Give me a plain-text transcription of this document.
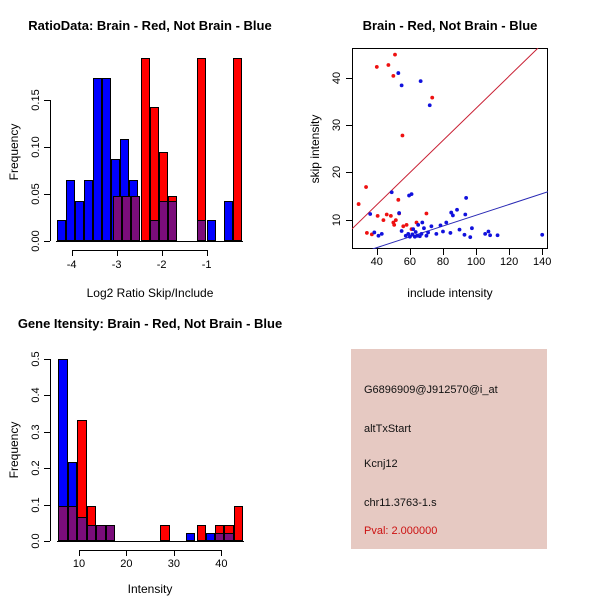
RatioData: Brain - Red, Not Brain - Blue	Brain - Red, Not Brain - Blue
Gene Itensity: Brain - Red, Not Brain - Blue
Log2 Ratio Skip/Include	include intensity
Intensity
Frequency	skip intensity
Frequency
G6896909@J912570@i_at
altTxStart
Kcnj12
chr11.3763-1.s
Pval: 2.000000
-4	-3	-2	-1
0.00
0.05
0.10
0.15
40	60	80	100	120	140
10
20
30
40
10	20	30	40
0.0
0.1
0.2
0.3
0.4
0.5
